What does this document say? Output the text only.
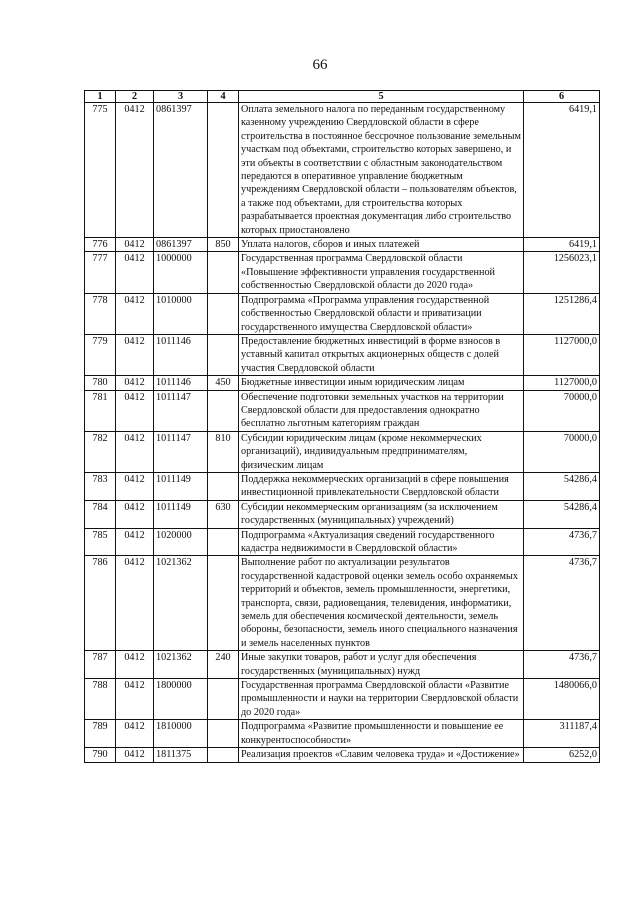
66
1	2	3	4	5	6
775	0412	0861397		Оплата земельного налога по переданным государственному казенному учреждению Свердловской области в сфере строительства в постоянное бессрочное пользование земельным участкам под объектами, строительство которых завершено, и эти объекты в соответствии с областным законодательством передаются в оперативное управление бюджетным учреждениям Свердловской области – пользователям объектов, а также под объектами, для строительства которых разрабатывается проектная документация либо строительство которых приостановлено	6419,1
776	0412	0861397	850	Уплата налогов, сборов и иных платежей	6419,1
777	0412	1000000		Государственная программа Свердловской области «Повышение эффективности управления государственной собственностью Свердловской области до 2020 года»	1256023,1
778	0412	1010000		Подпрограмма «Программа управления государственной собственностью Свердловской области и приватизации государственного имущества Свердловской области»	1251286,4
779	0412	1011146		Предоставление бюджетных инвестиций в форме взносов в уставный капитал открытых акционерных обществ с долей участия Свердловской области	1127000,0
780	0412	1011146	450	Бюджетные инвестиции иным юридическим лицам	1127000,0
781	0412	1011147		Обеспечение подготовки земельных участков на территории Свердловской области для предоставления однократно бесплатно льготным категориям граждан	70000,0
782	0412	1011147	810	Субсидии юридическим лицам (кроме некоммерческих организаций), индивидуальным предпринимателям, физическим лицам	70000,0
783	0412	1011149		Поддержка некоммерческих организаций в сфере повышения инвестиционной привлекательности Свердловской области	54286,4
784	0412	1011149	630	Субсидии некоммерческим организациям (за исключением государственных (муниципальных) учреждений)	54286,4
785	0412	1020000		Подпрограмма «Актуализация сведений государственного кадастра недвижимости в Свердловской области»	4736,7
786	0412	1021362		Выполнение работ по актуализации результатов государственной кадастровой оценки земель особо охраняемых территорий и объектов, земель промышленности, энергетики, транспорта, связи, радиовещания, телевидения, информатики, земель для обеспечения космической деятельности, земель обороны, безопасности, земель иного специального назначения и земель населенных пунктов	4736,7
787	0412	1021362	240	Иные закупки товаров, работ и услуг для обеспечения государственных (муниципальных) нужд	4736,7
788	0412	1800000		Государственная программа Свердловской области «Развитие промышленности и науки на территории Свердловской области до 2020 года»	1480066,0
789	0412	1810000		Подпрограмма «Развитие промышленности и повышение ее конкурентоспособности»	311187,4
790	0412	1811375		Реализация проектов «Славим человека труда» и «Достижение»	6252,0
